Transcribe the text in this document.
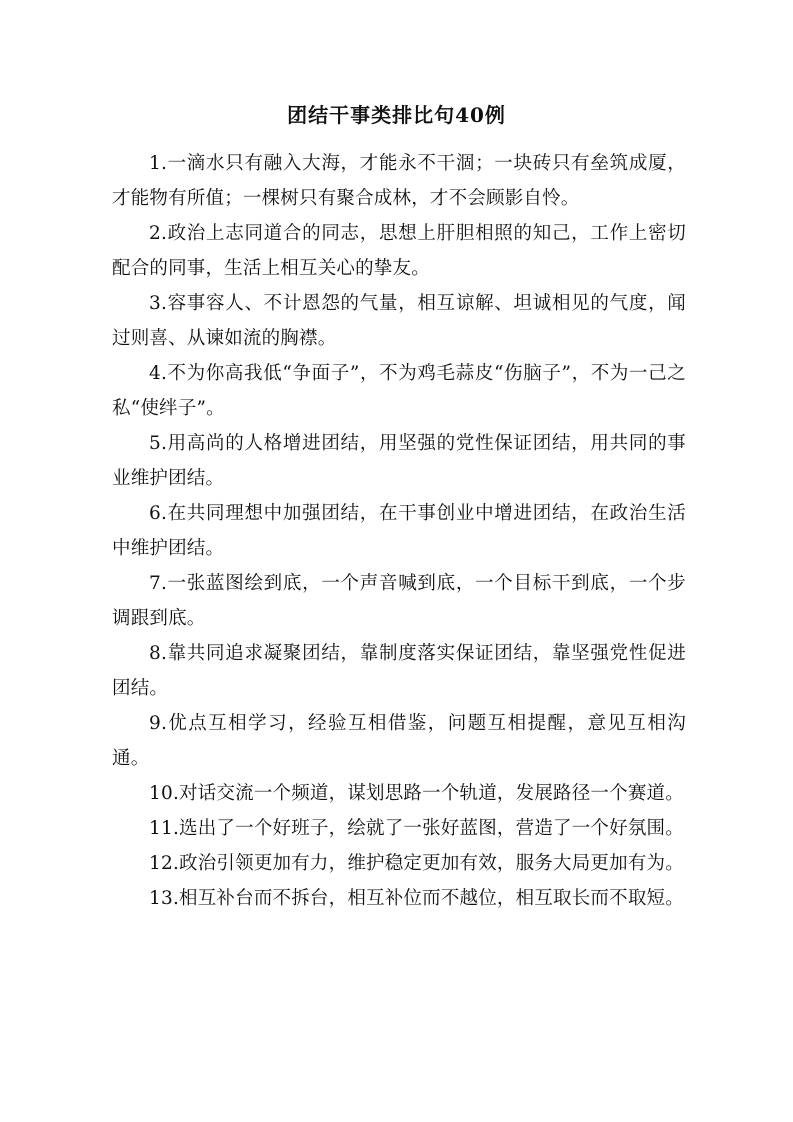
团结干事类排比句40例

1.一滴水只有融入大海，才能永不干涸；一块砖只有垒筑成厦，才能物有所值；一棵树只有聚合成林，才不会顾影自怜。

2.政治上志同道合的同志，思想上肝胆相照的知己，工作上密切配合的同事，生活上相互关心的挚友。

3.容事容人、不计恩怨的气量，相互谅解、坦诚相见的气度，闻过则喜、从谏如流的胸襟。

4.不为你高我低“争面子”，不为鸡毛蒜皮“伤脑子”，不为一己之私“使绊子”。

5.用高尚的人格增进团结，用坚强的党性保证团结，用共同的事业维护团结。

6.在共同理想中加强团结，在干事创业中增进团结，在政治生活中维护团结。

7.一张蓝图绘到底，一个声音喊到底，一个目标干到底，一个步调跟到底。

8.靠共同追求凝聚团结，靠制度落实保证团结，靠坚强党性促进团结。

9.优点互相学习，经验互相借鉴，问题互相提醒，意见互相沟通。

10.对话交流一个频道，谋划思路一个轨道，发展路径一个赛道。

11.选出了一个好班子，绘就了一张好蓝图，营造了一个好氛围。

12.政治引领更加有力，维护稳定更加有效，服务大局更加有为。

13.相互补台而不拆台，相互补位而不越位，相互取长而不取短。
